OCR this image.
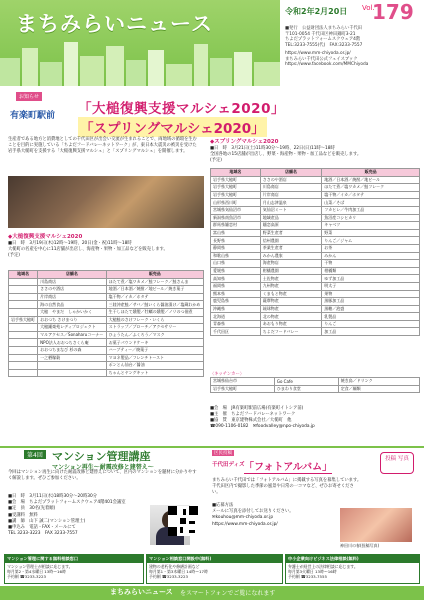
まちみらいニュース
令和2年2月20日 Vol.
179
■発行　公益財団法人まちみらい千代田
〒101-0054 千代田区神田錦町3-21
ちよだプラットフォームスクウェア4階
TEL:3233-7555(代)　FAX:3233-7557
https://www.mm-chiyoda.or.jp/
まちみらい千代田公式フェイスブック
https://www.facebook.com/MMChiyoda
お知らせ
有楽町駅前 「大槌復興支援マルシェ2020」
「スプリングマルシェ2020」
生産者である地方と消費地としての千代田区が出会い交流が生まれることで、両地域の循環を生むことを目的に実施している「ちよだフードバレーネットワーク」が、東日本大震災の被災を受けた岩手県大槌町を支援する「大槌復興支援マルシェ」と「スプリングマルシェ」を開催します。
◆大槌復興支援マルシェ2020
■日　時　3月19日(木)12時〜19時、20日(金・祝)11時〜18時
大槌町の名産を中心に11店舗が出店し、海産物・果物・加工品などを販売します。
(予定)
地域名	店舗名	販売品
	川島商店	ほたて煮／塩ワカメ／鮭フレーク／鮭さんま
	ささのや酒店	地酒／日本酒／焼酎／地ビール／焼き菓子
	片岸商店	塩干物／イカ／ホタテ
	海の自然食品	三陸沖産鮭／サバ／鮭いくら醤油漬け／塩蔵わかめ
	大槌　やまだ　しゃかいかく	生干しほたて燻製／牡蠣の燻製／ノリのつ佃煮
岩手県大槌町	おおつち さけまつり	大槌鮭のさけフレーク・いくら
	大槌鍾楽苑レディプロジェクト	ストラップ／ブローチ／アクセサリー
	マルアクセス／Sonaharuコーナー	ひょうたん／ふくろう／マスク
	NPO法人おおつちさくら庵	お菓子パウンドケーキ
	おおつちまなび 杉の森	ハーブティー／焼菓子
	一之栖稼穀	マヨネ製品／フレンチトースト
		ポンとん仙台／醤油
		ちゃんとヤングキット
◆スプリングマルシェ2020
■日　時　3月21日(土)11時30分〜19時、22日(日)11時〜18時
全国各地の15店舗が出店し、野菜・海産物・果物・加工品などを販売します。
(予定)
地域名	店舗名	販売品
岩手県大槌町	ささのや酒店	地酒／日本酒／焼酎／地ビール
岩手県大槌町	川島商店	ほたて煮／塩ワカメ／鮭フレーク
岩手県大槌町	片岸商店	塩干物／イカ／ホタテ
山形県西川町	月山志津温泉	山菜／そば
宮城県気仙沼市	気仙沼ミート	フカヒレ／牛肉加工品
新潟県南魚沼市	地域産品	魚沼産コシヒカリ
群馬県嬬恋村	嬬恋高原	キャベツ
富山県	野菜生産者	野菜
長野県	信州農園	りんご／ジャム
静岡県	茶業生産者	お茶
和歌山県	みかん農家	みかん
山口県	海産物店	干物
愛媛県	柑橘農園	柑橘類
高知県	土佐物産	ゆず加工品
福岡県	九州物産	明太子
熊本県	くまもと物産	果物
鹿児島県	薩摩物産	黒豚加工品
沖縄県	琉球物産	黒糖／泡盛
北海道	北の物産	乳製品
青森県	あおもり物産	りんご
千代田区	ちよだフードバレー	加工品
〈キッチンカー〉
宮城県仙台市	Go Cafe	焼き鳥／ドリンク
岩手県大槌町	ひまわり食堂	定食／麺類
■会　場　JR有楽町駅前広場(有楽町イトシア前)
■主　催　ちよだフードバレーネットワーク
■協　賛　東京建物株式会社／大槌町　他
☎090-1106-0182　✉foodvalley@npo-chiyoda.jp
第4回 マンション管理講座
マンション再生〜耐震改修と建替え〜
今回はマンション再生に向けた耐震改修と建替えについて、区内のマンションを題材に分かりやすく解説します。ぜひご参加ください。
■日　時　3月11日(水)18時30分〜20時30分
■会　場　ちよだプラットフォームスクウェア4階401会議室
■定　員　30名(先着順)
■受講料　無料
■講　師　山下 誠二(マンション管理士)
■申込み　電話・FAX・メールにて
TEL 3233-3223　FAX 3233-7557
区民投稿
千代田ディズ 「フォトアルバム」
投稿 写真
まちみらい千代田では「フォトアルバム」に掲載する写真を募集しています。千代田区内で撮影した季節の風景や日常の一コマなど、ぜひお寄せください。
■応募方法
メールに写真を添付してお送りください。
✉kouhou@mm-chiyoda.or.jp
https://www.mm-chiyoda.or.jp/
神田川の春(投稿写真)
マンション管理に関する無料相談窓口
マンション管理士が相談に応じます。
毎月第2・第4水曜日 13時〜16時
予約制 ☎3233-3223
マンション相談窓口開設中(無料)
建物の老朽化や修繕計画など
毎月第1・第3木曜日 14時〜17時
予約制 ☎3233-3223
中小企業向けビジネス法律相談(無料)
弁護士が経営上の法律相談に応じます。
毎月第3火曜日 13時〜16時
予約制 ☎3233-7555
まちみらいニュース をスマートフォンでご覧になれます
